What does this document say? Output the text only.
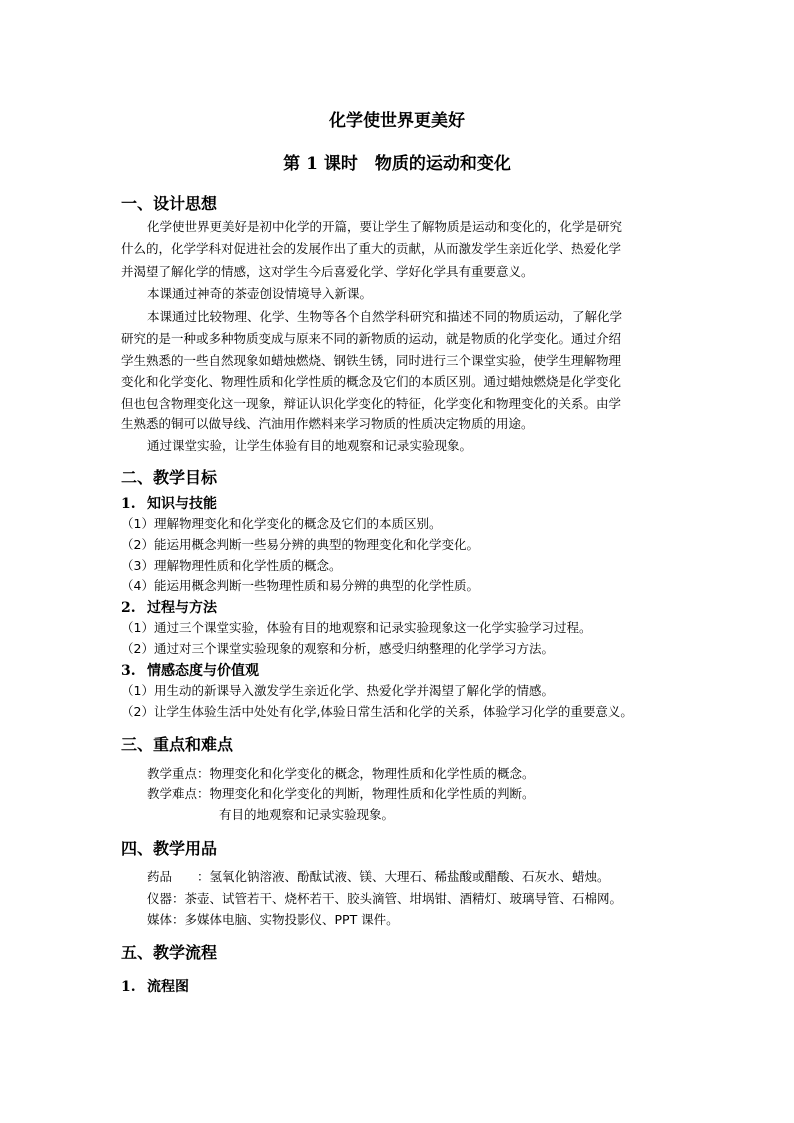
化学使世界更美好
第 1 课时　物质的运动和变化
一、设计思想
化学使世界更美好是初中化学的开篇，要让学生了解物质是运动和变化的，化学是研究
什么的，化学学科对促进社会的发展作出了重大的贡献，从而激发学生亲近化学、热爱化学
并渴望了解化学的情感，这对学生今后喜爱化学、学好化学具有重要意义。
本课通过神奇的茶壶创设情境导入新课。
本课通过比较物理、化学、生物等各个自然学科研究和描述不同的物质运动，了解化学
研究的是一种或多种物质变成与原来不同的新物质的运动，就是物质的化学变化。通过介绍
学生熟悉的一些自然现象如蜡烛燃烧、钢铁生锈，同时进行三个课堂实验，使学生理解物理
变化和化学变化、物理性质和化学性质的概念及它们的本质区别。通过蜡烛燃烧是化学变化
但也包含物理变化这一现象，辩证认识化学变化的特征，化学变化和物理变化的关系。由学
生熟悉的铜可以做导线、汽油用作燃料来学习物质的性质决定物质的用途。
通过课堂实验，让学生体验有目的地观察和记录实验现象。
二、教学目标
1. 知识与技能
（1）理解物理变化和化学变化的概念及它们的本质区别。
（2）能运用概念判断一些易分辨的典型的物理变化和化学变化。
（3）理解物理性质和化学性质的概念。
（4）能运用概念判断一些物理性质和易分辨的典型的化学性质。
2. 过程与方法
（1）通过三个课堂实验，体验有目的地观察和记录实验现象这一化学实验学习过程。
（2）通过对三个课堂实验现象的观察和分析，感受归纳整理的化学学习方法。
3. 情感态度与价值观
（1）用生动的新课导入激发学生亲近化学、热爱化学并渴望了解化学的情感。
（2）让学生体验生活中处处有化学,体验日常生活和化学的关系，体验学习化学的重要意义。
三、重点和难点
教学重点：物理变化和化学变化的概念，物理性质和化学性质的概念。
教学难点：物理变化和化学变化的判断，物理性质和化学性质的判断。
有目的地观察和记录实验现象。
四、教学用品
药品　　：氢氧化钠溶液、酚酞试液、镁、大理石、稀盐酸或醋酸、石灰水、蜡烛。
仪器：茶壶、试管若干、烧杯若干、胶头滴管、坩埚钳、酒精灯、玻璃导管、石棉网。
媒体：多媒体电脑、实物投影仪、PPT 课件。
五、教学流程
1. 流程图
